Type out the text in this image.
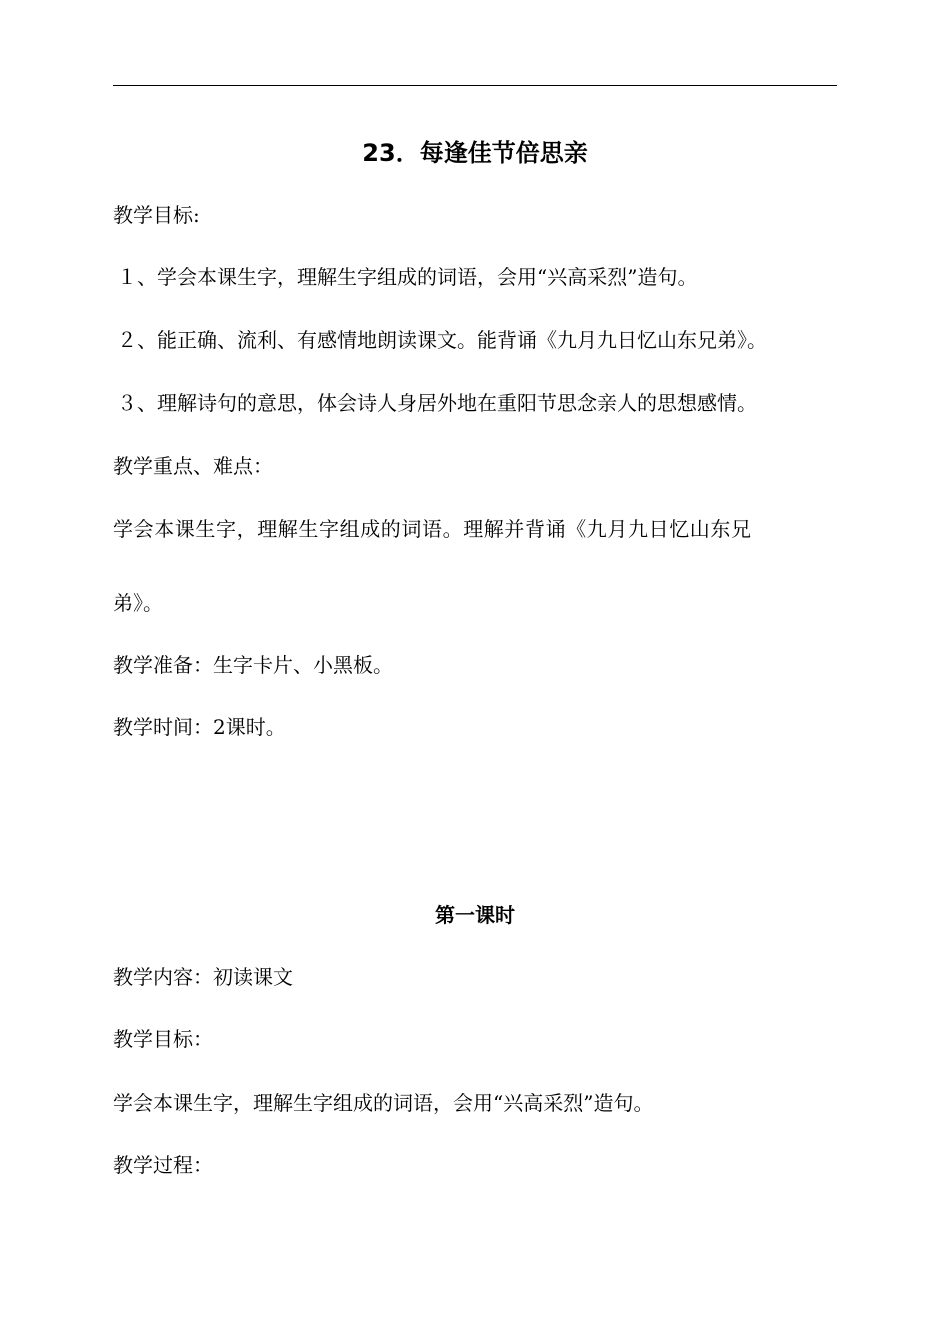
23．每逢佳节倍思亲
教学目标:
１、学会本课生字，理解生字组成的词语，会用“兴高采烈”造句。
２、能正确、流利、有感情地朗读课文。能背诵《九月九日忆山东兄弟》。
３、理解诗句的意思，体会诗人身居外地在重阳节思念亲人的思想感情。
教学重点、难点：
学会本课生字，理解生字组成的词语。理解并背诵《九月九日忆山东兄
弟》。
教学准备：生字卡片、小黑板。
教学时间：2课时。
第一课时
教学内容：初读课文
教学目标：
学会本课生字，理解生字组成的词语，会用“兴高采烈”造句。
教学过程：
